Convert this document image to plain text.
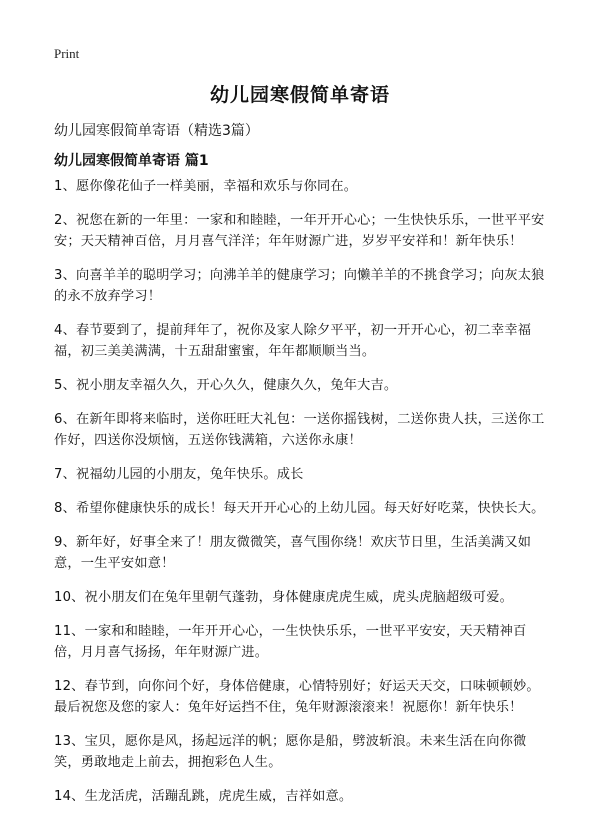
Print
幼儿园寒假简单寄语
幼儿园寒假简单寄语（精选3篇）
幼儿园寒假简单寄语 篇1

1、愿你像花仙子一样美丽，幸福和欢乐与你同在。

2、祝您在新的一年里：一家和和睦睦，一年开开心心；一生快快乐乐，一世平平安安；天天精神百倍，月月喜气洋洋；年年财源广进，岁岁平安祥和！新年快乐！

3、向喜羊羊的聪明学习；向沸羊羊的健康学习；向懒羊羊的不挑食学习；向灰太狼的永不放弃学习！

4、春节要到了，提前拜年了，祝你及家人除夕平平，初一开开心心，初二幸幸福福，初三美美满满，十五甜甜蜜蜜，年年都顺顺当当。

5、祝小朋友幸福久久，开心久久，健康久久，兔年大吉。

6、在新年即将来临时，送你旺旺大礼包：一送你摇钱树，二送你贵人扶，三送你工作好，四送你没烦恼，五送你钱满箱，六送你永康！

7、祝福幼儿园的小朋友，兔年快乐。成长

8、希望你健康快乐的成长！每天开开心心的上幼儿园。每天好好吃菜，快快长大。

9、新年好，好事全来了！朋友微微笑，喜气围你绕！欢庆节日里，生活美满又如意，一生平安如意！

10、祝小朋友们在兔年里朝气蓬勃，身体健康虎虎生威，虎头虎脑超级可爱。

11、一家和和睦睦，一年开开心心，一生快快乐乐，一世平平安安，天天精神百倍，月月喜气扬扬，年年财源广进。

12、春节到，向你问个好，身体倍健康，心情特别好；好运天天交，口味顿顿妙。最后祝您及您的家人：兔年好运挡不住，兔年财源滚滚来！祝愿你！新年快乐！

13、宝贝，愿你是风，扬起远洋的帆；愿你是船，劈波斩浪。未来生活在向你微笑，勇敢地走上前去，拥抱彩色人生。

14、生龙活虎，活蹦乱跳，虎虎生威，吉祥如意。
